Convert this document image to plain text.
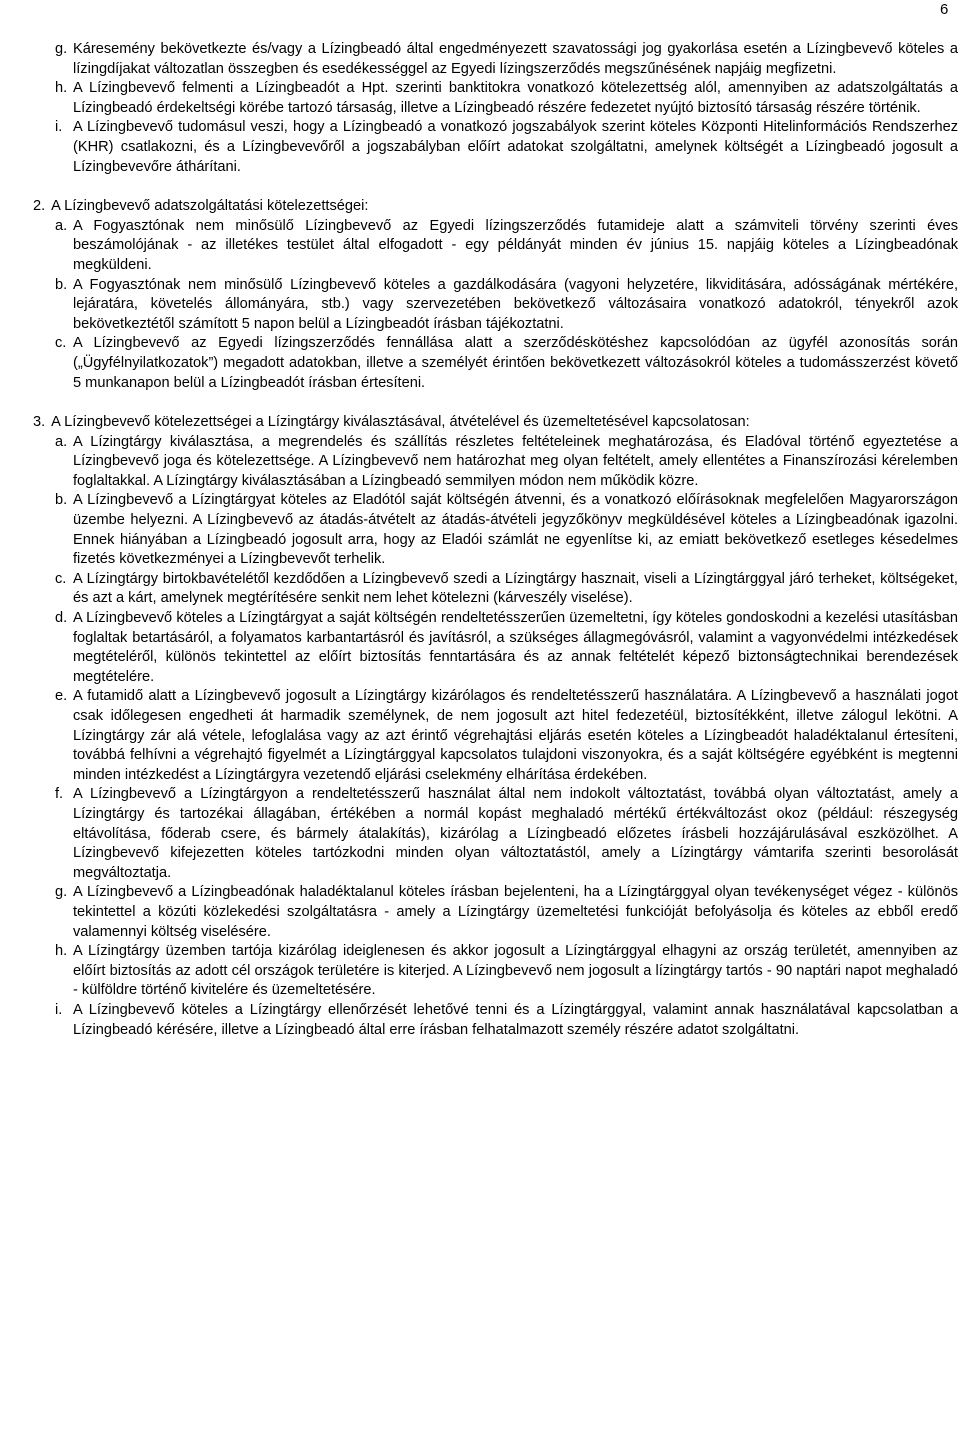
6
g. Káresemény bekövetkezte és/vagy a Lízingbeadó által engedményezett szavatossági jog gyakorlása esetén a Lízingbevevő köteles a lízingdíjakat változatlan összegben és esedékességgel az Egyedi lízingszerződés megszűnésének napjáig megfizetni.
h. A Lízingbevevő felmenti a Lízingbeadót a Hpt. szerinti banktitokra vonatkozó kötelezettség alól, amennyiben az adatszolgáltatás a Lízingbeadó érdekeltségi körébe tartozó társaság, illetve a Lízingbeadó részére fedezetet nyújtó biztosító társaság részére történik.
i. A Lízingbevevő tudomásul veszi, hogy a Lízingbeadó a vonatkozó jogszabályok szerint köteles Központi Hitelinformációs Rendszerhez (KHR) csatlakozni, és a Lízingbevevőről a jogszabályban előírt adatokat szolgáltatni, amelynek költségét a Lízingbeadó jogosult a Lízingbevevőre áthárítani.
2. A Lízingbevevő adatszolgáltatási kötelezettségei:
a. A Fogyasztónak nem minősülő Lízingbevevő az Egyedi lízingszerződés futamideje alatt a számviteli törvény szerinti éves beszámolójának - az illetékes testület által elfogadott - egy példányát minden év június 15. napjáig köteles a Lízingbeadónak megküldeni.
b. A Fogyasztónak nem minősülő Lízingbevevő köteles a gazdálkodására (vagyoni helyzetére, likviditására, adósságának mértékére, lejáratára, követelés állományára, stb.) vagy szervezetében bekövetkező változásaira vonatkozó adatokról, tényekről azok bekövetkeztétől számított 5 napon belül a Lízingbeadót írásban tájékoztatni.
c. A Lízingbevevő az Egyedi lízingszerződés fennállása alatt a szerződéskötéshez kapcsolódóan az ügyfél azonosítás során („Ügyfélnyilatkozatok”) megadott adatokban, illetve a személyét érintően bekövetkezett változásokról köteles a tudomásszerzést követő 5 munkanapon belül a Lízingbeadót írásban értesíteni.
3. A Lízingbevevő kötelezettségei a Lízingtárgy kiválasztásával, átvételével és üzemeltetésével kapcsolatosan:
a. A Lízingtárgy kiválasztása, a megrendelés és szállítás részletes feltételeinek meghatározása, és Eladóval történő egyeztetése a Lízingbevevő joga és kötelezettsége. A Lízingbevevő nem határozhat meg olyan feltételt, amely ellentétes a Finanszírozási kérelemben foglaltakkal. A Lízingtárgy kiválasztásában a Lízingbeadó semmilyen módon nem működik közre.
b. A Lízingbevevő a Lízingtárgyat köteles az Eladótól saját költségén átvenni, és a vonatkozó előírásoknak megfelelően Magyarországon üzembe helyezni. A Lízingbevevő az átadás-átvételt az átadás-átvételi jegyzőkönyv megküldésével köteles a Lízingbeadónak igazolni. Ennek hiányában a Lízingbeadó jogosult arra, hogy az Eladói számlát ne egyenlítse ki, az emiatt bekövetkező esetleges késedelmes fizetés következményei a Lízingbevevőt terhelik.
c. A Lízingtárgy birtokbavételétől kezdődően a Lízingbevevő szedi a Lízingtárgy hasznait, viseli a Lízingtárggyal járó terheket, költségeket, és azt a kárt, amelynek megtérítésére senkit nem lehet kötelezni (kárveszély viselése).
d. A Lízingbevevő köteles a Lízingtárgyat a saját költségén rendeltetésszerűen üzemeltetni, így köteles gondoskodni a kezelési utasításban foglaltak betartásáról, a folyamatos karbantartásról és javításról, a szükséges állagmegóvásról, valamint a vagyonvédelmi intézkedések megtételéről, különös tekintettel az előírt biztosítás fenntartására és az annak feltételét képező biztonságtechnikai berendezések megtételére.
e. A futamidő alatt a Lízingbevevő jogosult a Lízingtárgy kizárólagos és rendeltetésszerű használatára. A Lízingbevevő a használati jogot csak időlegesen engedheti át harmadik személynek, de nem jogosult azt hitel fedezetéül, biztosítékként, illetve zálogul lekötni. A Lízingtárgy zár alá vétele, lefoglalása vagy az azt érintő végrehajtási eljárás esetén köteles a Lízingbeadót haladéktalanul értesíteni, továbbá felhívni a végrehajtó figyelmét a Lízingtárggyal kapcsolatos tulajdoni viszonyokra, és a saját költségére egyébként is megtenni minden intézkedést a Lízingtárgyra vezetendő eljárási cselekmény elhárítása érdekében.
f. A Lízingbevevő a Lízingtárgyon a rendeltetésszerű használat által nem indokolt változtatást, továbbá olyan változtatást, amely a Lízingtárgy és tartozékai állagában, értékében a normál kopást meghaladó mértékű értékváltozást okoz (például: részegység eltávolítása, főderab csere, és bármely átalakítás), kizárólag a Lízingbeadó előzetes írásbeli hozzájárulásával eszközölhet. A Lízingbevevő kifejezetten köteles tartózkodni minden olyan változtatástól, amely a Lízingtárgy vámtarifa szerinti besorolását megváltoztatja.
g. A Lízingbevevő a Lízingbeadónak haladéktalanul köteles írásban bejelenteni, ha a Lízingtárggyal olyan tevékenységet végez - különös tekintettel a közúti közlekedési szolgáltatásra - amely a Lízingtárgy üzemeltetési funkcióját befolyásolja és köteles az ebből eredő valamennyi költség viselésére.
h. A Lízingtárgy üzemben tartója kizárólag ideiglenesen és akkor jogosult a Lízingtárggyal elhagyni az ország területét, amennyiben az előírt biztosítás az adott cél országok területére is kiterjed. A Lízingbevevő nem jogosult a lízingtárgy tartós - 90 naptári napot meghaladó - külföldre történő kivitelére és üzemeltetésére.
i. A Lízingbevevő köteles a Lízingtárgy ellenőrzését lehetővé tenni és a Lízingtárggyal, valamint annak használatával kapcsolatban a Lízingbeadó kérésére, illetve a Lízingbeadó által erre írásban felhatalmazott személy részére adatot szolgáltatni.
